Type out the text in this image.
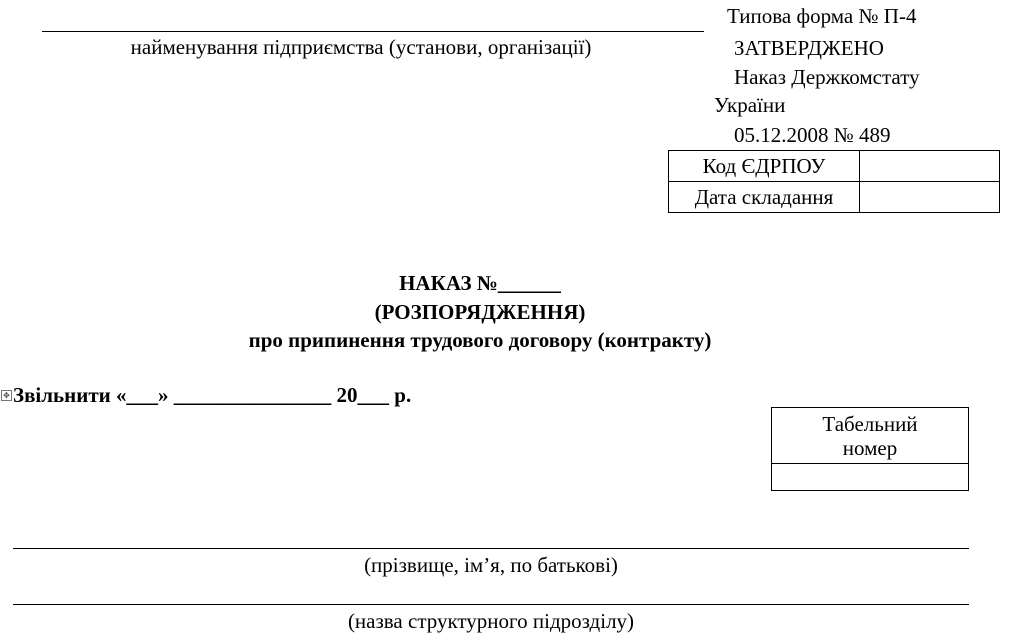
найменування підприємства (установи, організації)
Типова форма № П-4
ЗАТВЕРДЖЕНО
Наказ Держкомстату
України
05.12.2008 № 489
Код ЄДРПОУ	
Дата складання	
НАКАЗ №______
(РОЗПОРЯДЖЕННЯ)
про припинення трудового договору (контракту)
✥ Звільнити «___» _______________ 20___ р.
Табельний
номер

(прізвище, ім’я, по батькові)
(назва структурного підрозділу)
